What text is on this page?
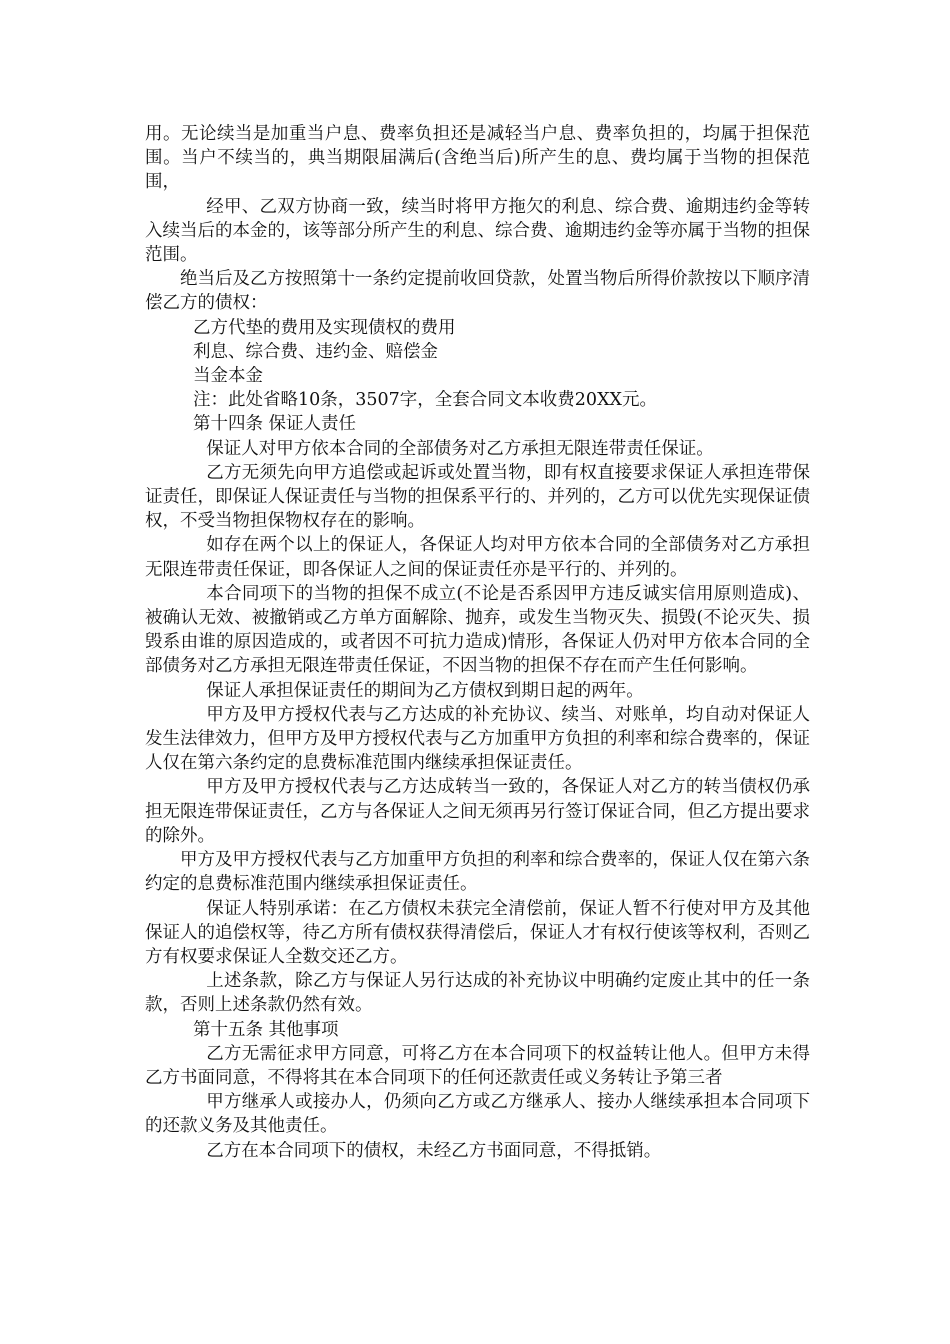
用。无论续当是加重当户息、费率负担还是减轻当户息、费率负担的，均属于担保范围。当户不续当的，典当期限届满后(含绝当后)所产生的息、费均属于当物的担保范围，

经甲、乙双方协商一致，续当时将甲方拖欠的利息、综合费、逾期违约金等转入续当后的本金的，该等部分所产生的利息、综合费、逾期违约金等亦属于当物的担保范围。

绝当后及乙方按照第十一条约定提前收回贷款，处置当物后所得价款按以下顺序清偿乙方的债权：

乙方代垫的费用及实现债权的费用

利息、综合费、违约金、赔偿金

当金本金

注：此处省略10条，3507字，全套合同文本收费20XX元。

第十四条 保证人责任

保证人对甲方依本合同的全部债务对乙方承担无限连带责任保证。

乙方无须先向甲方追偿或起诉或处置当物，即有权直接要求保证人承担连带保证责任，即保证人保证责任与当物的担保系平行的、并列的，乙方可以优先实现保证债权，不受当物担保物权存在的影响。

如存在两个以上的保证人，各保证人均对甲方依本合同的全部债务对乙方承担无限连带责任保证，即各保证人之间的保证责任亦是平行的、并列的。

本合同项下的当物的担保不成立(不论是否系因甲方违反诚实信用原则造成)、被确认无效、被撤销或乙方单方面解除、抛弃，或发生当物灭失、损毁(不论灭失、损毁系由谁的原因造成的，或者因不可抗力造成)情形，各保证人仍对甲方依本合同的全部债务对乙方承担无限连带责任保证，不因当物的担保不存在而产生任何影响。

保证人承担保证责任的期间为乙方债权到期日起的两年。

甲方及甲方授权代表与乙方达成的补充协议、续当、对账单，均自动对保证人发生法律效力，但甲方及甲方授权代表与乙方加重甲方负担的利率和综合费率的，保证人仅在第六条约定的息费标准范围内继续承担保证责任。

甲方及甲方授权代表与乙方达成转当一致的，各保证人对乙方的转当债权仍承担无限连带保证责任，乙方与各保证人之间无须再另行签订保证合同，但乙方提出要求的除外。

甲方及甲方授权代表与乙方加重甲方负担的利率和综合费率的，保证人仅在第六条约定的息费标准范围内继续承担保证责任。

保证人特别承诺：在乙方债权未获完全清偿前，保证人暂不行使对甲方及其他保证人的追偿权等，待乙方所有债权获得清偿后，保证人才有权行使该等权利，否则乙方有权要求保证人全数交还乙方。

上述条款，除乙方与保证人另行达成的补充协议中明确约定废止其中的任一条款，否则上述条款仍然有效。

第十五条 其他事项

乙方无需征求甲方同意，可将乙方在本合同项下的权益转让他人。但甲方未得乙方书面同意，不得将其在本合同项下的任何还款责任或义务转让予第三者

甲方继承人或接办人，仍须向乙方或乙方继承人、接办人继续承担本合同项下的还款义务及其他责任。

乙方在本合同项下的债权，未经乙方书面同意，不得抵销。
